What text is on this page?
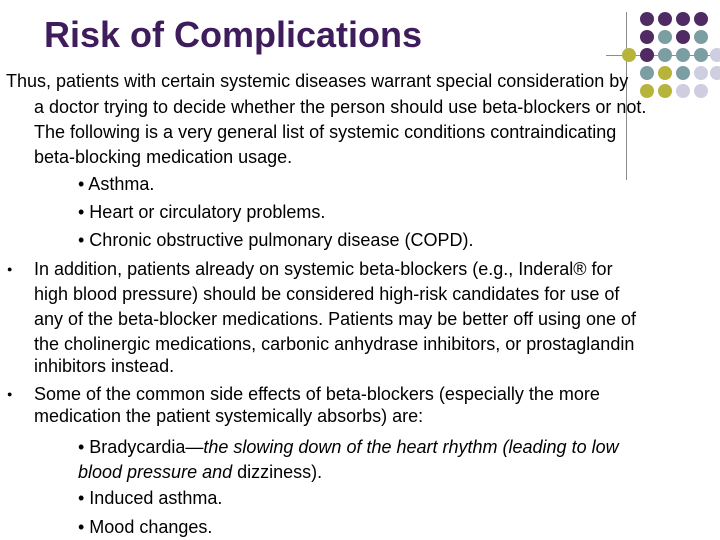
Risk of Complications
Thus, patients with certain systemic diseases warrant special consideration by
a doctor trying to decide whether the person should use beta-blockers or not.
The following is a very general list of systemic conditions contraindicating
beta-blocking medication usage.
• Asthma.
• Heart or circulatory problems.
• Chronic obstructive pulmonary disease (COPD).
● In addition, patients already on systemic beta-blockers (e.g., Inderal® for
high blood pressure) should be considered high-risk candidates for use of
any of the beta-blocker medications. Patients may be better off using one of
the cholinergic medications, carbonic anhydrase inhibitors, or prostaglandin
inhibitors instead.
● Some of the common side effects of beta-blockers (especially the more
medication the patient systemically absorbs) are:
• Bradycardia—the slowing down of the heart rhythm (leading to low
blood pressure and dizziness).
• Induced asthma.
• Mood changes.
